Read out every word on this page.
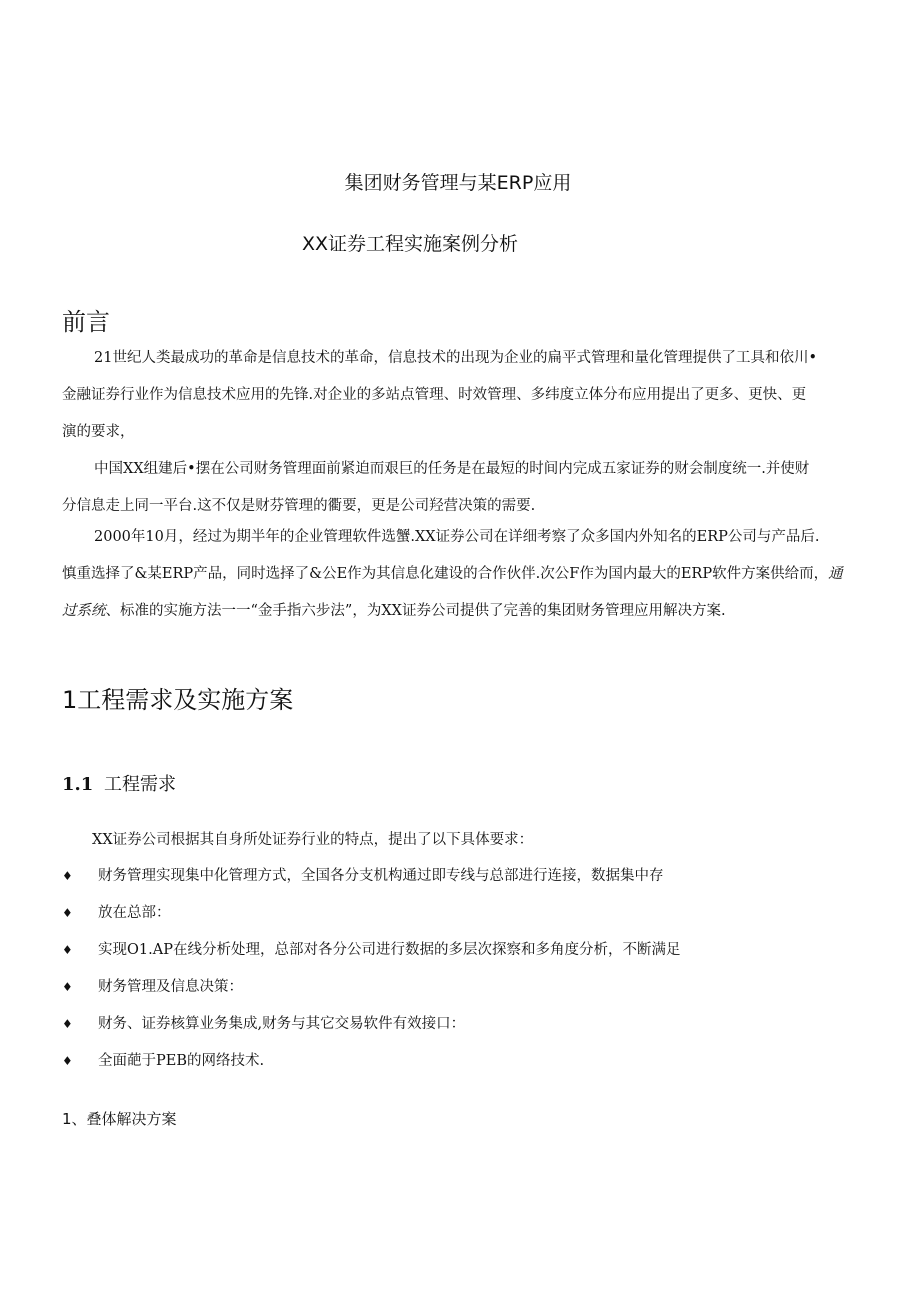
集团财务管理与某ERP应用
XX证券工程实施案例分析
前言
21世纪人类最成功的革命是信息技术的革命，信息技术的出现为企业的扁平式管理和量化管理提供了工具和依川•
金融证券行业作为信息技术应用的先锋.对企业的多站点管理、时效管理、多纬度立体分布应用提出了更多、更快、更
演的要求，
中国XX组建后•摆在公司财务管理面前紧迫而艰巨的任务是在最短的时间内完成五家证券的财会制度统一.并使财
分信息走上同一平台.这不仅是财芬管理的衢要，更是公司羟营决策的需要.
2000年10月，经过为期半年的企业管理软件选蟹.XX证券公司在详细考察了众多国内外知名的ERP公司与产品后.
慎重选择了&某ERP产品，同时选择了&公E作为其信息化建设的合作伙伴.次公F作为国内最大的ERP软件方案供给而，通
过系统、标准的实施方法一一“金手指六步法”，为XX证券公司提供了完善的集团财务管理应用解决方案.
1工程需求及实施方案
1.1 工程需求
XX证券公司根据其自身所处证券行业的特点，提出了以下具体要求：
♦ 财务管理实现集中化管理方式，全国各分支机构通过即专线与总部进行连接，数据集中存
♦ 放在总部：
♦ 实现O1.AP在线分析处理，总部对各分公司进行数据的多层次探察和多角度分析，不断满足
♦ 财务管理及信息决策：
♦ 财务、证券核算业务集成,财务与其它交易软件有效接口：
♦ 全面葩于PEB的网络技术.
1、叠体解决方案
